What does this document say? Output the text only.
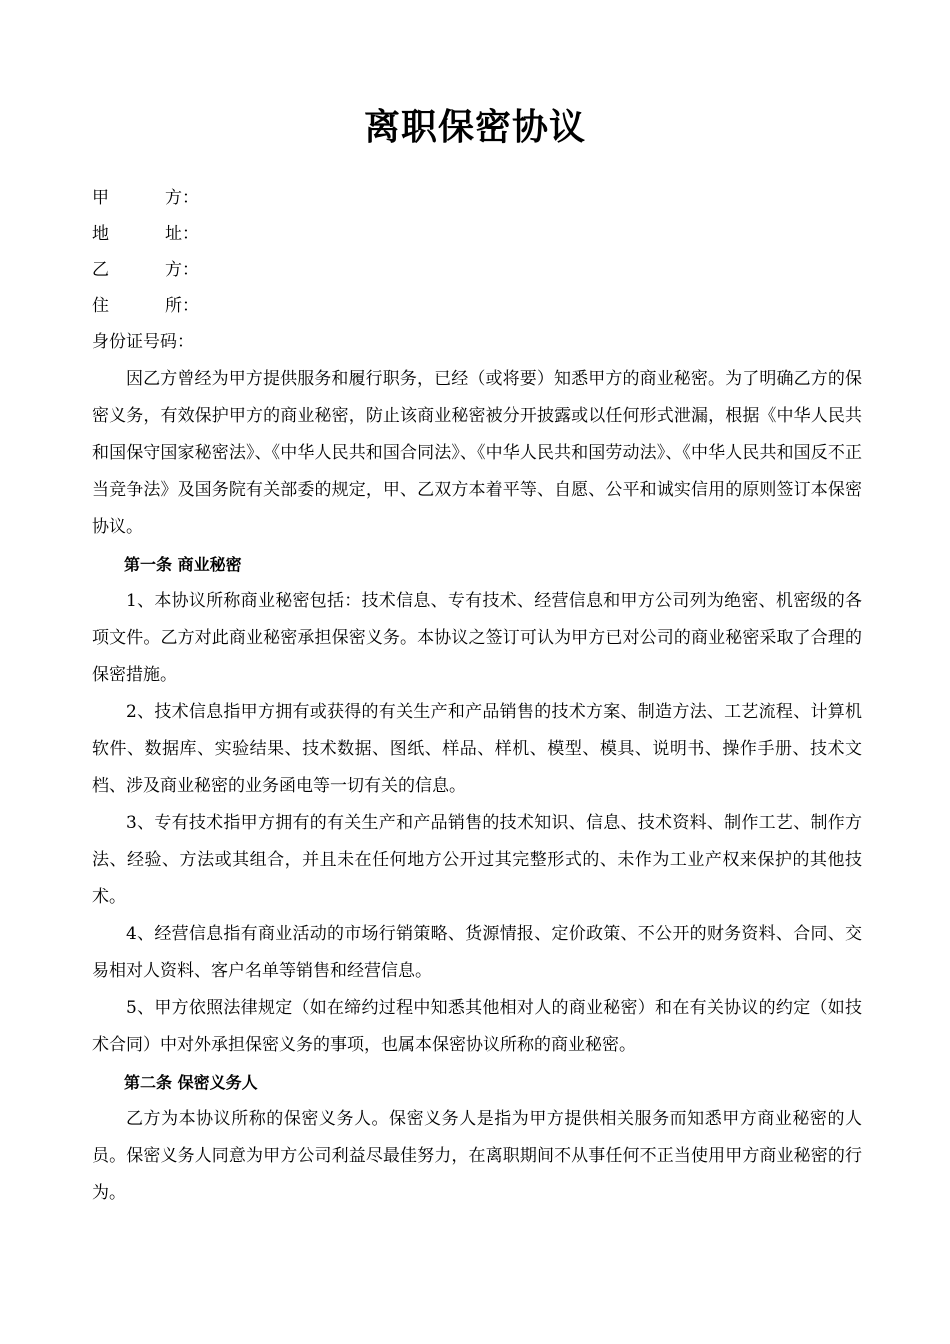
离职保密协议
甲方：
地址：
乙方：
住所：
身份证号码：

因乙方曾经为甲方提供服务和履行职务，已经（或将要）知悉甲方的商业秘密。为了明确乙方的保密义务，有效保护甲方的商业秘密，防止该商业秘密被分开披露或以任何形式泄漏，根据《中华人民共和国保守国家秘密法》、《中华人民共和国合同法》、《中华人民共和国劳动法》、《中华人民共和国反不正当竞争法》及国务院有关部委的规定，甲、乙双方本着平等、自愿、公平和诚实信用的原则签订本保密协议。

第一条 商业秘密

1、本协议所称商业秘密包括：技术信息、专有技术、经营信息和甲方公司列为绝密、机密级的各项文件。乙方对此商业秘密承担保密义务。本协议之签订可认为甲方已对公司的商业秘密采取了合理的保密措施。

2、技术信息指甲方拥有或获得的有关生产和产品销售的技术方案、制造方法、工艺流程、计算机软件、数据库、实验结果、技术数据、图纸、样品、样机、模型、模具、说明书、操作手册、技术文档、涉及商业秘密的业务函电等一切有关的信息。

3、专有技术指甲方拥有的有关生产和产品销售的技术知识、信息、技术资料、制作工艺、制作方法、经验、方法或其组合，并且未在任何地方公开过其完整形式的、未作为工业产权来保护的其他技术。

4、经营信息指有商业活动的市场行销策略、货源情报、定价政策、不公开的财务资料、合同、交易相对人资料、客户名单等销售和经营信息。

5、甲方依照法律规定（如在缔约过程中知悉其他相对人的商业秘密）和在有关协议的约定（如技术合同）中对外承担保密义务的事项，也属本保密协议所称的商业秘密。

第二条 保密义务人

乙方为本协议所称的保密义务人。保密义务人是指为甲方提供相关服务而知悉甲方商业秘密的人员。保密义务人同意为甲方公司利益尽最佳努力，在离职期间不从事任何不正当使用甲方商业秘密的行为。
